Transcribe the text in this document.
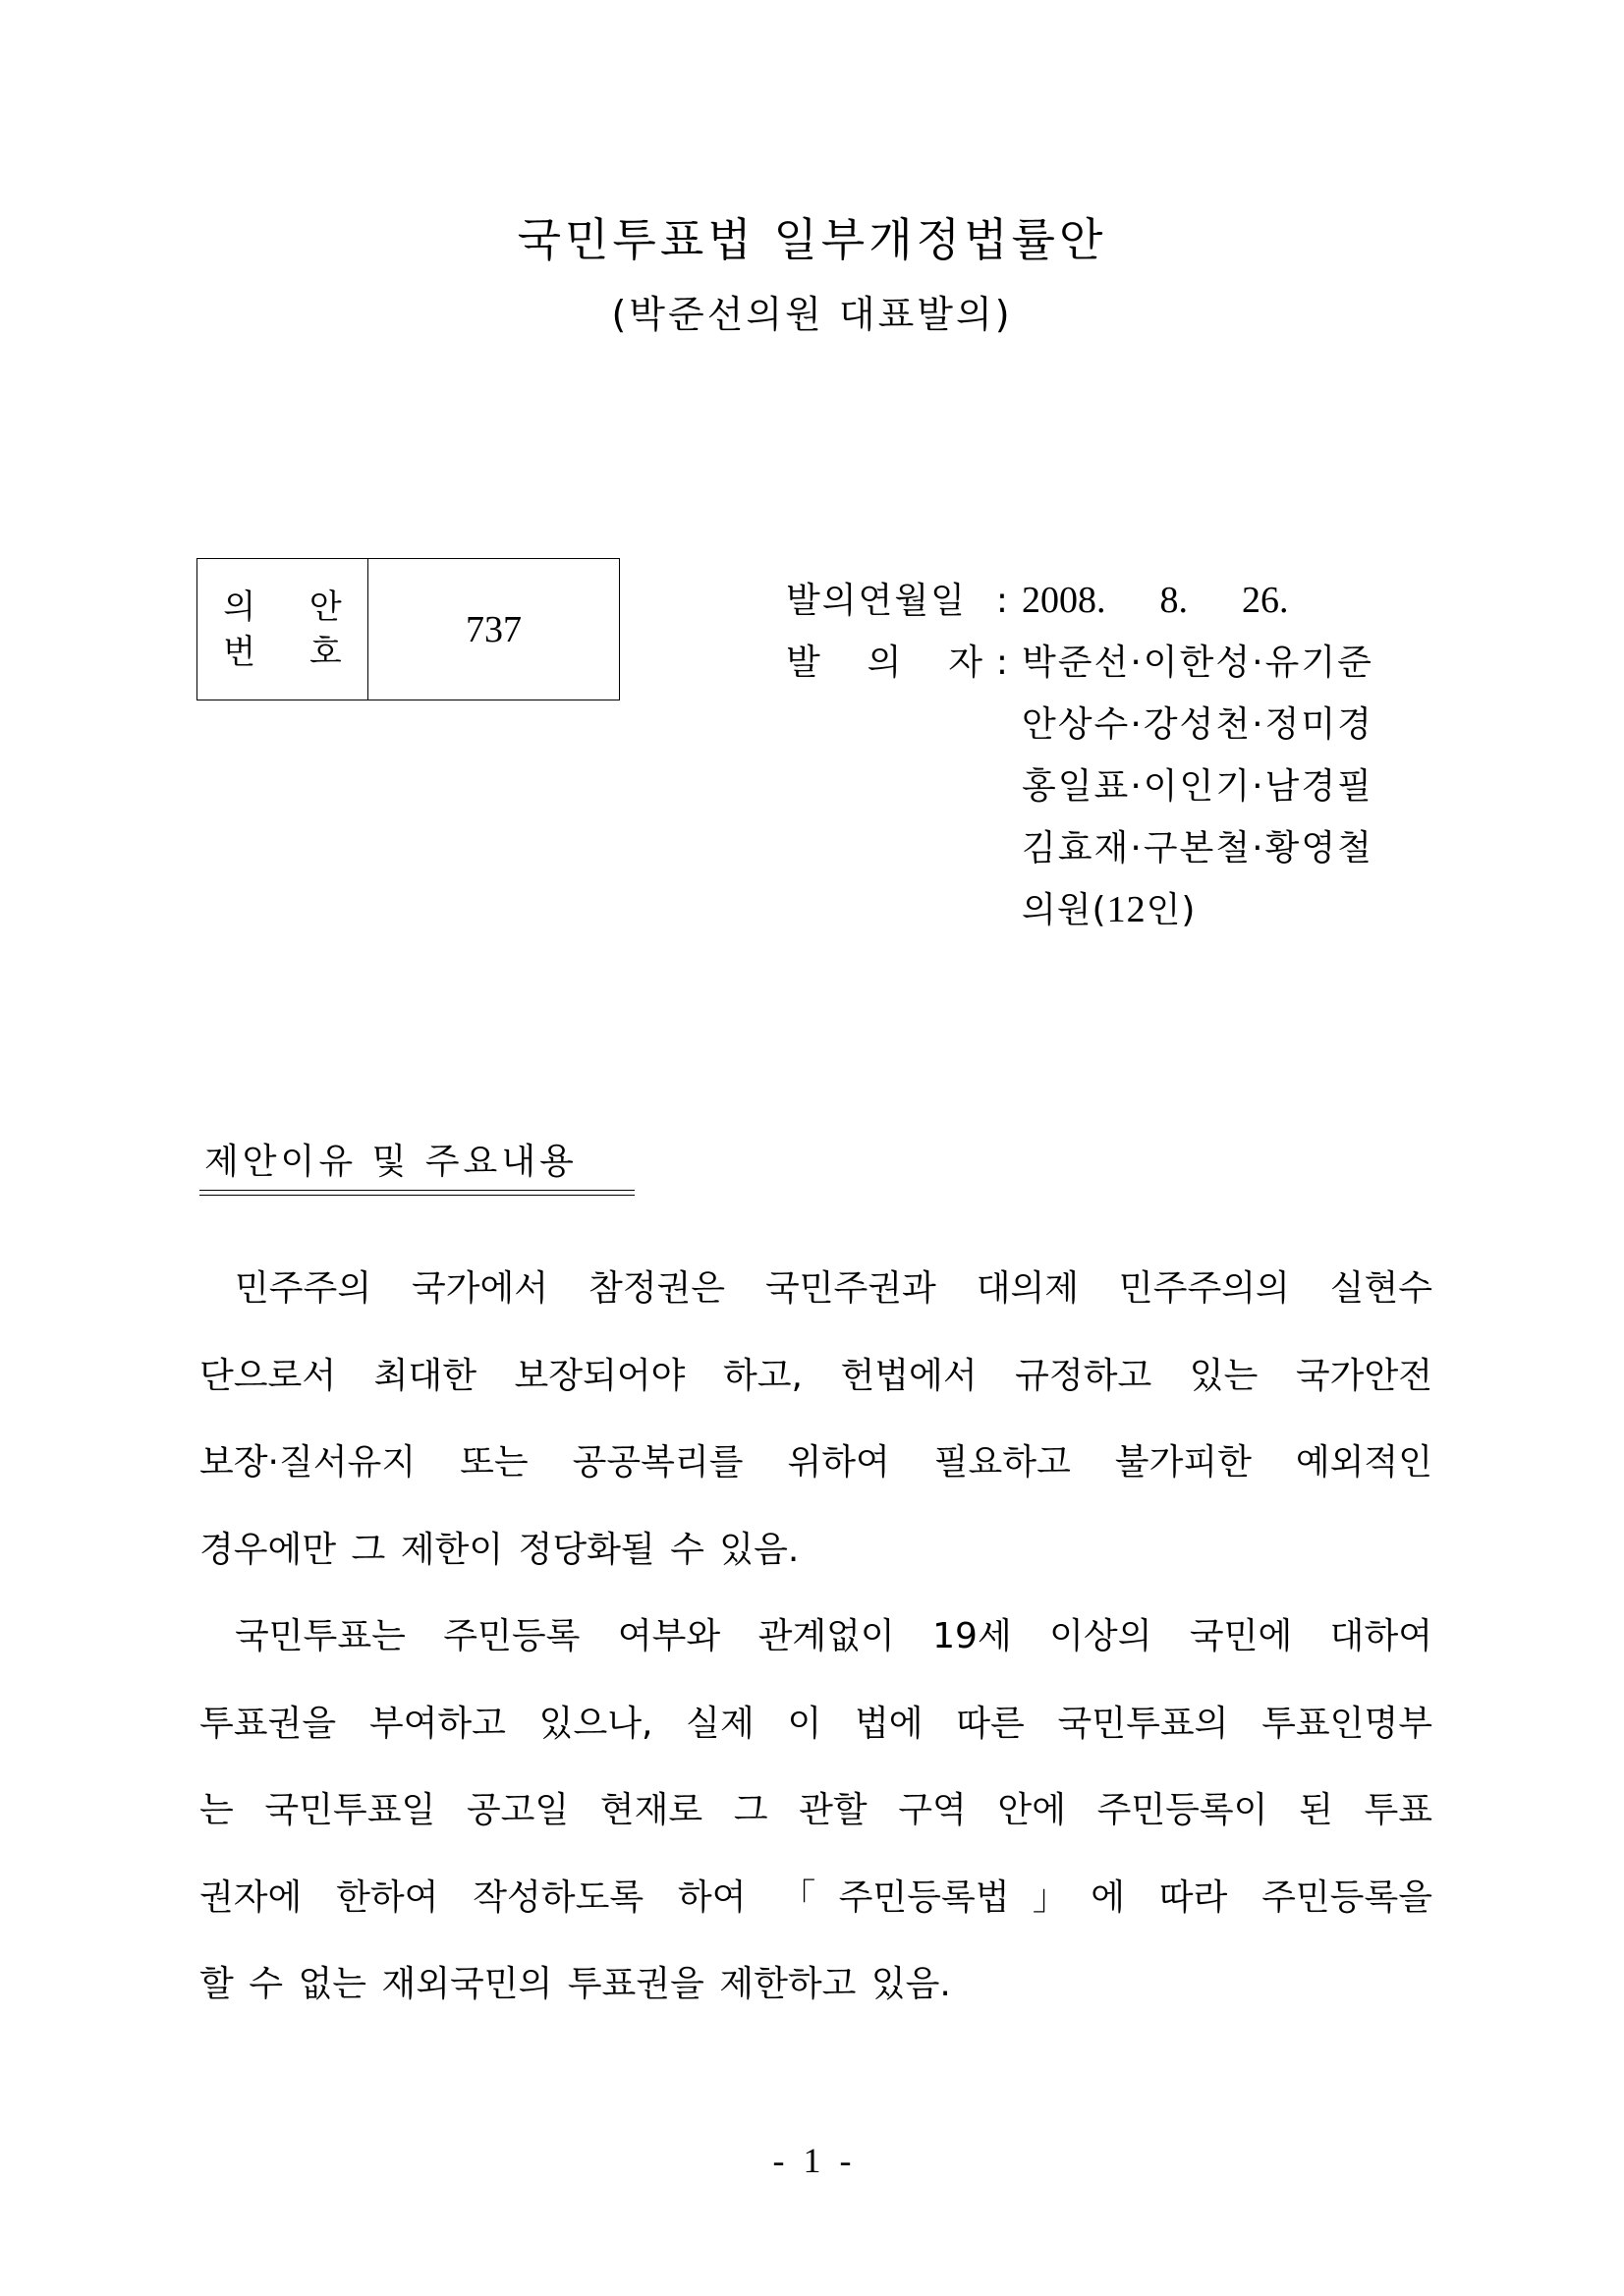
국민투표법 일부개정법률안
(박준선의원 대표발의)
의 안
번 호
737
발의연월일 : 2008.  8.  26.
발 의 자 : 박준선·이한성·유기준
안상수·강성천·정미경
홍일표·이인기·남경필
김효재·구본철·황영철
의원(12인)
제안이유 및 주요내용
민주주의 국가에서 참정권은 국민주권과 대의제 민주주의의 실현수
단으로서 최대한 보장되어야 하고, 헌법에서 규정하고 있는 국가안전
보장·질서유지 또는 공공복리를 위하여 필요하고 불가피한 예외적인
경우에만 그 제한이 정당화될 수 있음.
국민투표는 주민등록 여부와 관계없이 19세 이상의 국민에 대하여
투표권을 부여하고 있으나, 실제 이 법에 따른 국민투표의 투표인명부
는 국민투표일 공고일 현재로 그 관할 구역 안에 주민등록이 된 투표
권자에 한하여 작성하도록 하여 「주민등록법」에 따라 주민등록을
할 수 없는 재외국민의 투표권을 제한하고 있음.
- 1 -
